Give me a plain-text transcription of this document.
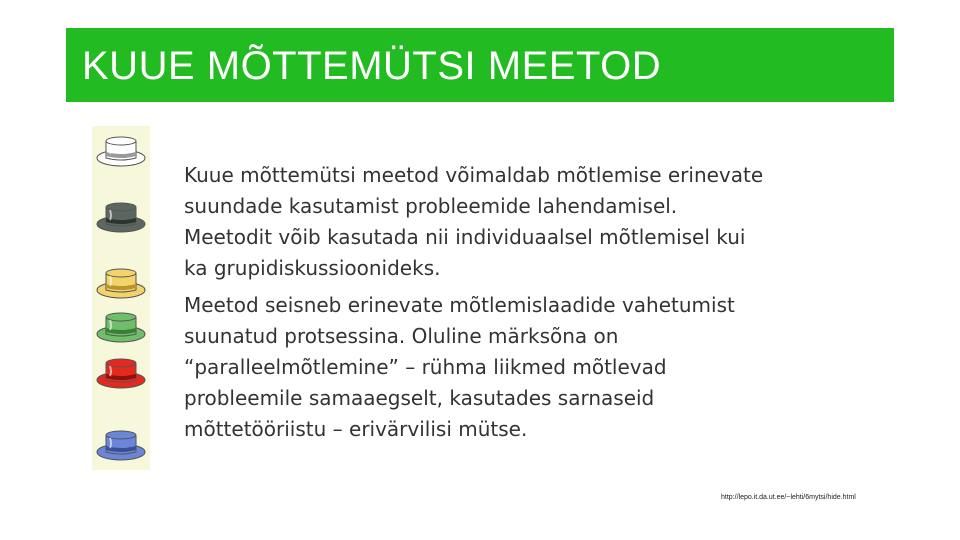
KUUE MÕTTEMÜTSI MEETOD

Kuue mõttemütsi meetod võimaldab mõtlemise erinevate
suundade kasutamist probleemide lahendamisel.
Meetodit võib kasutada nii individuaalsel mõtlemisel kui
ka grupidiskussioonideks.

Meetod seisneb erinevate mõtlemislaadide vahetumist
suunatud protsessina. Oluline märksõna on
“paralleelmõtlemine” – rühma liikmed mõtlevad
probleemile samaaegselt, kasutades sarnaseid
mõttetööriistu – erivärvilisi mütse.

http://lepo.it.da.ut.ee/~lehti/6mytsi/hide.html
